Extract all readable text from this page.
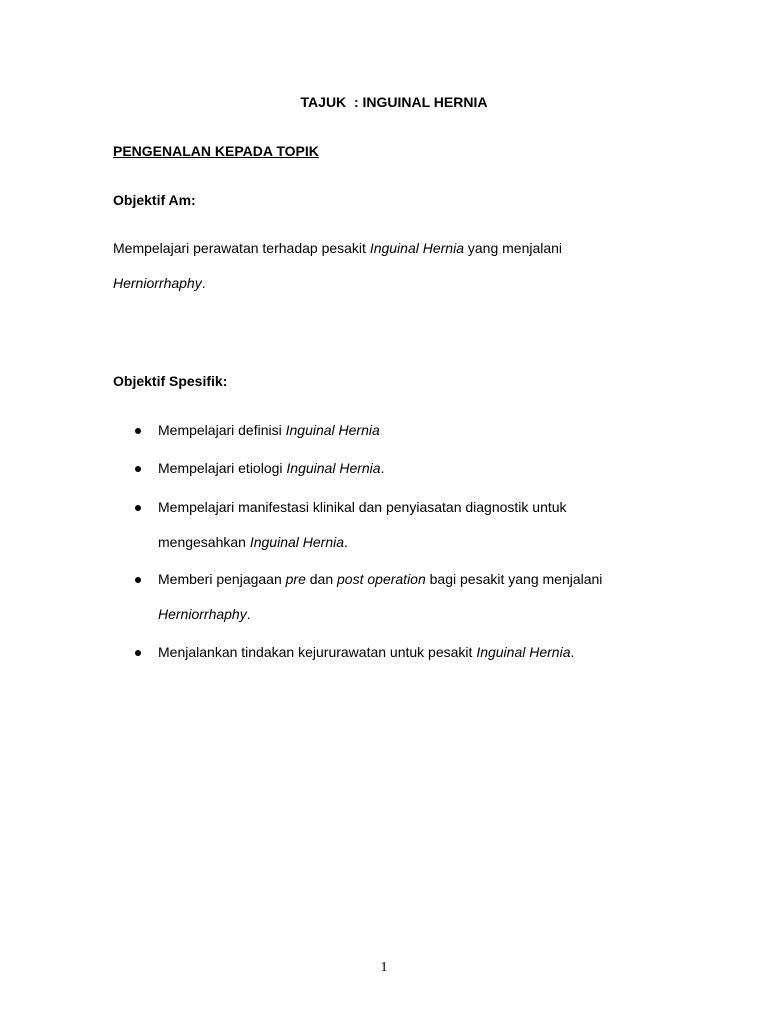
TAJUK  : INGUINAL HERNIA
PENGENALAN KEPADA TOPIK
Objektif Am:
Mempelajari perawatan terhadap pesakit Inguinal Hernia yang menjalani
Herniorrhaphy.
Objektif Spesifik:
Mempelajari definisi Inguinal Hernia
Mempelajari etiologi Inguinal Hernia.
Mempelajari manifestasi klinikal dan penyiasatan diagnostik untuk
mengesahkan Inguinal Hernia.
Memberi penjagaan pre dan post operation bagi pesakit yang menjalani
Herniorrhaphy.
Menjalankan tindakan kejururawatan untuk pesakit Inguinal Hernia.
1
